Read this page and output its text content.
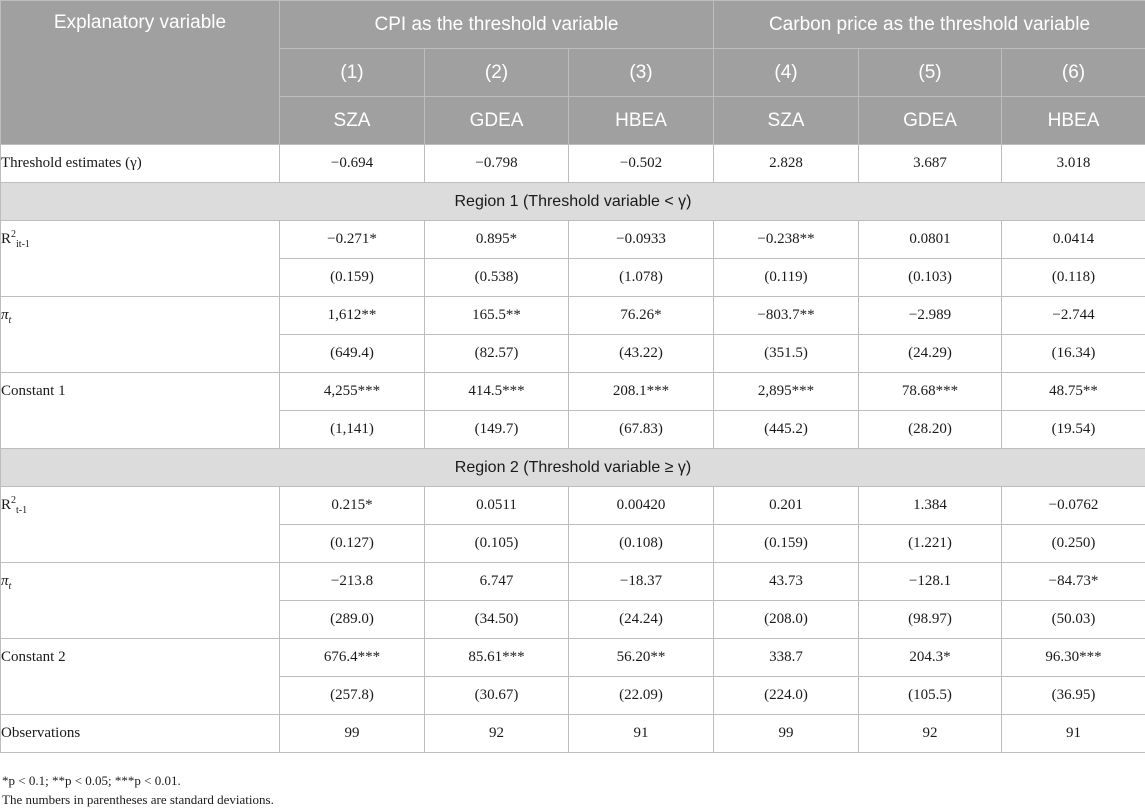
Explanatory variable	CPI as the threshold variable			Carbon price as the threshold variable		
	(1)	(2)	(3)	(4)	(5)	(6)
	SZA	GDEA	HBEA	SZA	GDEA	HBEA
Threshold estimates (γ)	−0.694	−0.798	−0.502	2.828	3.687	3.018
Region 1 (Threshold variable < γ)						
$R^2_{it-1}$	−0.271*	0.895*	−0.0933	−0.238**	0.0801	0.0414
	(0.159)	(0.538)	(1.078)	(0.119)	(0.103)	(0.118)
$\pi_t$	1,612**	165.5**	76.26*	−803.7**	−2.989	−2.744
	(649.4)	(82.57)	(43.22)	(351.5)	(24.29)	(16.34)
Constant 1	4,255***	414.5***	208.1***	2,895***	78.68***	48.75**
	(1,141)	(149.7)	(67.83)	(445.2)	(28.20)	(19.54)
Region 2 (Threshold variable ≥ γ)						
$R^2_{t-1}$	0.215*	0.0511	0.00420	0.201	1.384	−0.0762
	(0.127)	(0.105)	(0.108)	(0.159)	(1.221)	(0.250)
$\pi_t$	−213.8	6.747	−18.37	43.73	−128.1	−84.73*
	(289.0)	(34.50)	(24.24)	(208.0)	(98.97)	(50.03)
Constant 2	676.4***	85.61***	56.20**	338.7	204.3*	96.30***
	(257.8)	(30.67)	(22.09)	(224.0)	(105.5)	(36.95)
Observations	99	92	91	99	92	91
*p < 0.1; **p < 0.05; ***p < 0.01.
The numbers in parentheses are standard deviations.
